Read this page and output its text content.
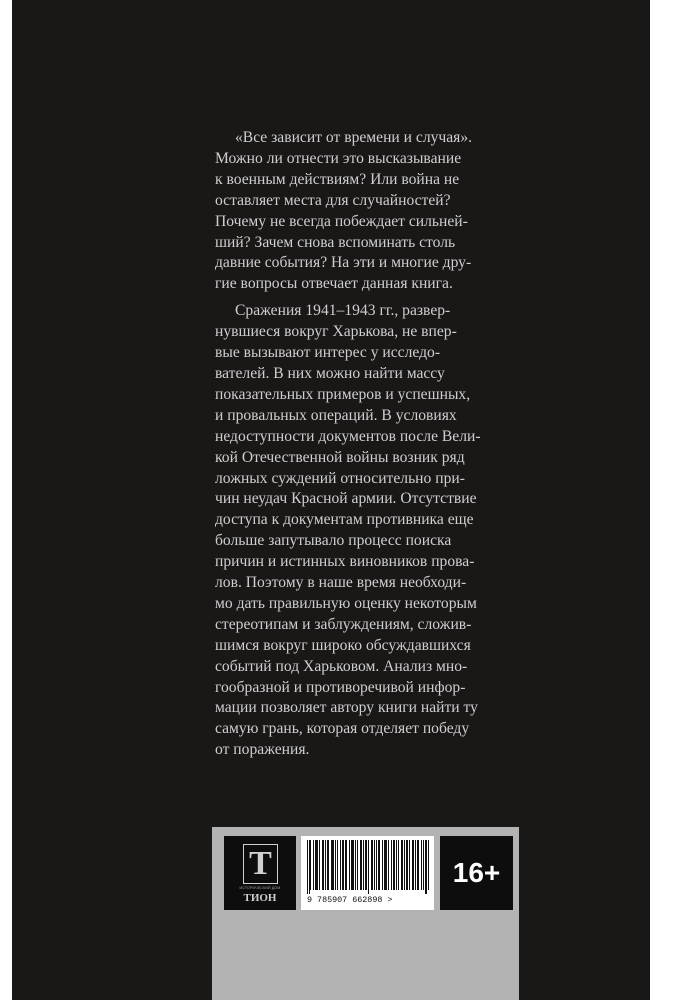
«Все зависит от времени и случая».
Можно ли отнести это высказывание
к военным действиям? Или война не
оставляет места для случайностей?
Почему не всегда побеждает сильней-
ший? Зачем снова вспоминать столь
давние события? На эти и многие дру-
гие вопросы отвечает данная книга.
Сражения 1941–1943 гг., развер-
нувшиеся вокруг Харькова, не впер-
вые вызывают интерес у исследо-
вателей. В них можно найти массу
показательных примеров и успешных,
и провальных операций. В условиях
недоступности документов после Вели-
кой Отечественной войны возник ряд
ложных суждений относительно при-
чин неудач Красной армии. Отсутствие
доступа к документам противника еще
больше запутывало процесс поиска
причин и истинных виновников прова-
лов. Поэтому в наше время необходи-
мо дать правильную оценку некоторым
стереотипам и заблуждениям, сложив-
шимся вокруг широко обсуждавшихся
событий под Харьковом. Анализ мно-
гообразной и противоречивой инфор-
мации позволяет автору книги найти ту
самую грань, которая отделяет победу
от поражения.
T
ИСТОРИЧЕСКИЙ ДОМ
ТИОН	9 785907 662898 >
16+
